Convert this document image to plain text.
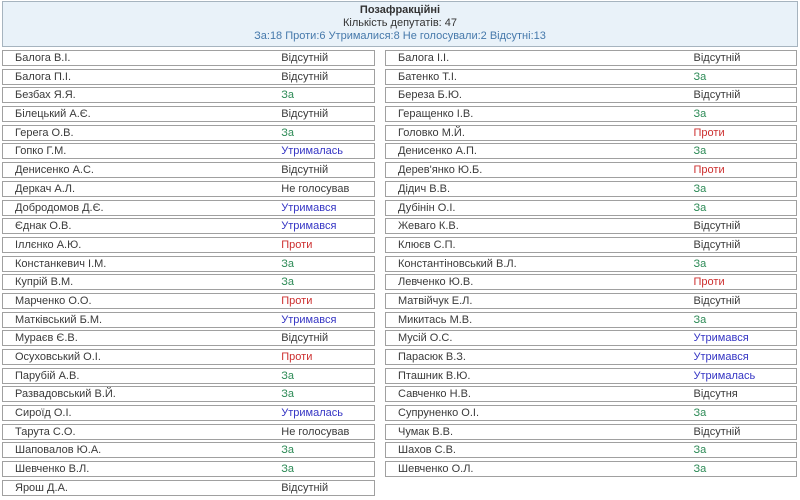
Позафракційні
Кількість депутатів: 47
За:18 Проти:6 Утрималися:8 Не голосували:2 Відсутні:13
Балога В.І.	Відсутній
Балога П.І.	Відсутній
Безбах Я.Я.	За
Білецький А.Є.	Відсутній
Герега О.В.	За
Гопко Г.М.	Утрималась
Денисенко А.С.	Відсутній
Деркач А.Л.	Не голосував
Добродомов Д.Є.	Утримався
Єднак О.В.	Утримався
Іллєнко А.Ю.	Проти
Констанкевич І.М.	За
Купрій В.М.	За
Марченко О.О.	Проти
Матківський Б.М.	Утримався
Мураєв Є.В.	Відсутній
Осуховський О.І.	Проти
Парубій А.В.	За
Развадовський В.Й.	За
Сироїд О.І.	Утрималась
Тарута С.О.	Не голосував
Шаповалов Ю.А.	За
Шевченко В.Л.	За
Ярош Д.А.	Відсутній
Балога І.І.	Відсутній
Батенко Т.І.	За
Береза Б.Ю.	Відсутній
Геращенко І.В.	За
Головко М.Й.	Проти
Денисенко А.П.	За
Дерев'янко Ю.Б.	Проти
Дідич В.В.	За
Дубінін О.І.	За
Жеваго К.В.	Відсутній
Клюєв С.П.	Відсутній
Константіновський В.Л.	За
Левченко Ю.В.	Проти
Матвійчук Е.Л.	Відсутній
Микитась М.В.	За
Мусій О.С.	Утримався
Парасюк В.З.	Утримався
Пташник В.Ю.	Утрималась
Савченко Н.В.	Відсутня
Супруненко О.І.	За
Чумак В.В.	Відсутній
Шахов С.В.	За
Шевченко О.Л.	За
